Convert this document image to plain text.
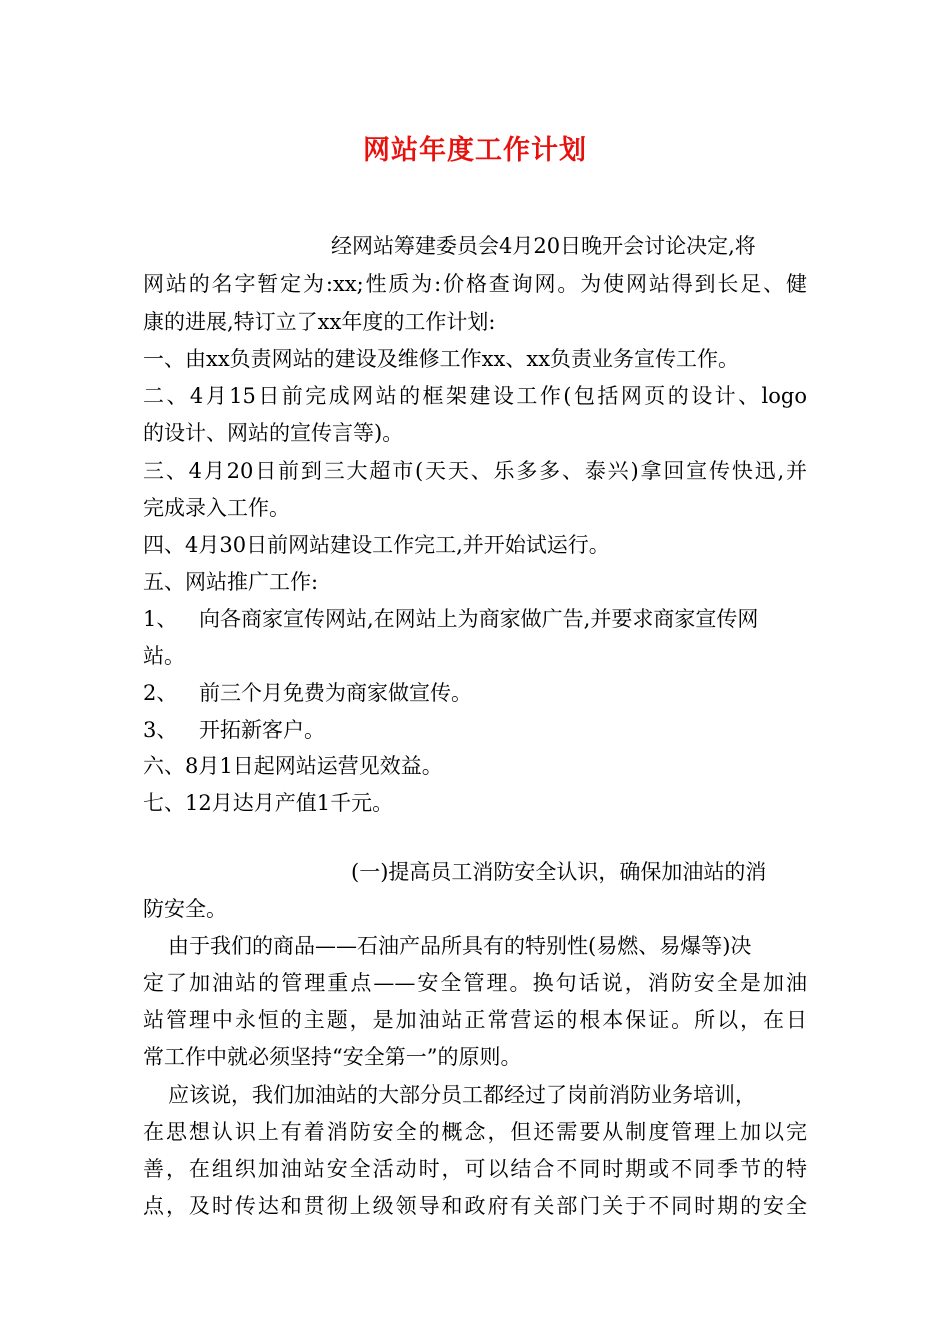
网站年度工作计划
经网站筹建委员会4月20日晚开会讨论决定,将
网站的名字暂定为:xx;性质为:价格查询网。为使网站得到长足、健
康的进展,特订立了xx年度的工作计划:
一、由xx负责网站的建设及维修工作xx、xx负责业务宣传工作。
二、4月15日前完成网站的框架建设工作(包括网页的设计、logo
的设计、网站的宣传言等)。
三、4月20日前到三大超市(天天、乐多多、泰兴)拿回宣传快迅,并
完成录入工作。
四、4月30日前网站建设工作完工,并开始试运行。
五、网站推广工作:
1、 向各商家宣传网站,在网站上为商家做广告,并要求商家宣传网
站。
2、 前三个月免费为商家做宣传。
3、 开拓新客户。
六、8月1日起网站运营见效益。
七、12月达月产值1千元。
(一)提高员工消防安全认识，确保加油站的消
防安全。
由于我们的商品——石油产品所具有的特别性(易燃、易爆等)决
定了加油站的管理重点——安全管理。换句话说，消防安全是加油
站管理中永恒的主题，是加油站正常营运的根本保证。所以，在日
常工作中就必须坚持“安全第一”的原则。
应该说，我们加油站的大部分员工都经过了岗前消防业务培训，
在思想认识上有着消防安全的概念，但还需要从制度管理上加以完
善，在组织加油站安全活动时，可以结合不同时期或不同季节的特
点，及时传达和贯彻上级领导和政府有关部门关于不同时期的安全
